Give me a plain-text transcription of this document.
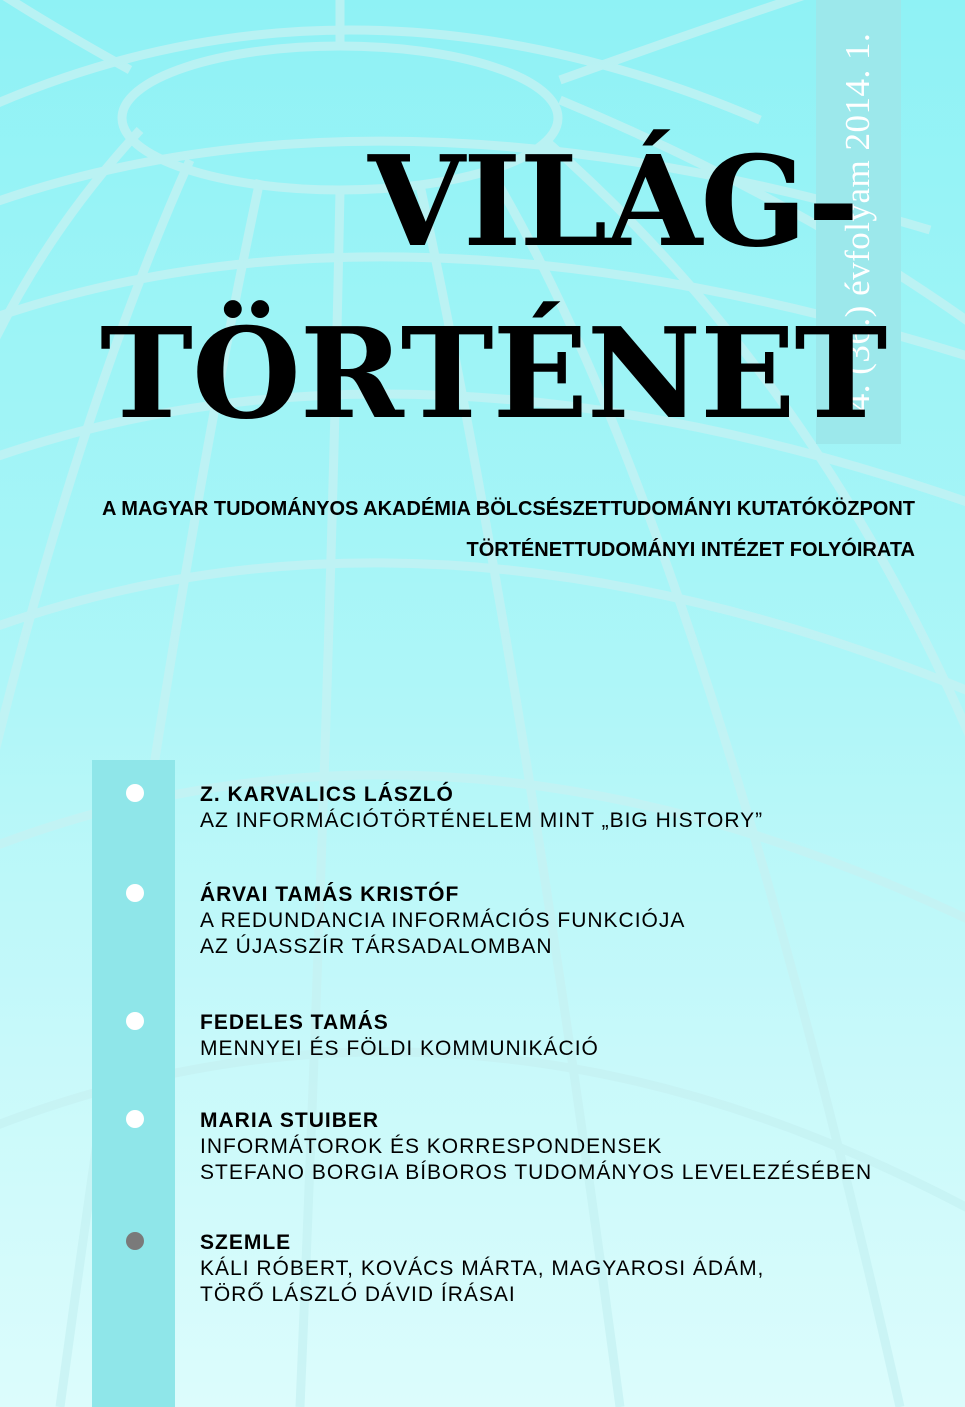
4. (36.) évfolyam 2014. 1.
VILÁG-
TÖRTÉNET

A MAGYAR TUDOMÁNYOS AKADÉMIA BÖLCSÉSZETTUDOMÁNYI KUTATÓKÖZPONT

TÖRTÉNETTUDOMÁNYI INTÉZET FOLYÓIRATA

Z. KARVALICS LÁSZLÓ
AZ INFORMÁCIÓTÖRTÉNELEM MINT „BIG HISTORY”
ÁRVAI TAMÁS KRISTÓF
A REDUNDANCIA INFORMÁCIÓS FUNKCIÓJA
AZ ÚJASSZÍR TÁRSADALOMBAN
FEDELES TAMÁS
MENNYEI ÉS FÖLDI KOMMUNIKÁCIÓ
MARIA STUIBER
INFORMÁTOROK ÉS KORRESPONDENSEK
STEFANO BORGIA BÍBOROS TUDOMÁNYOS LEVELEZÉSÉBEN
SZEMLE
KÁLI RÓBERT, KOVÁCS MÁRTA, MAGYAROSI ÁDÁM,
TÖRŐ LÁSZLÓ DÁVID ÍRÁSAI
